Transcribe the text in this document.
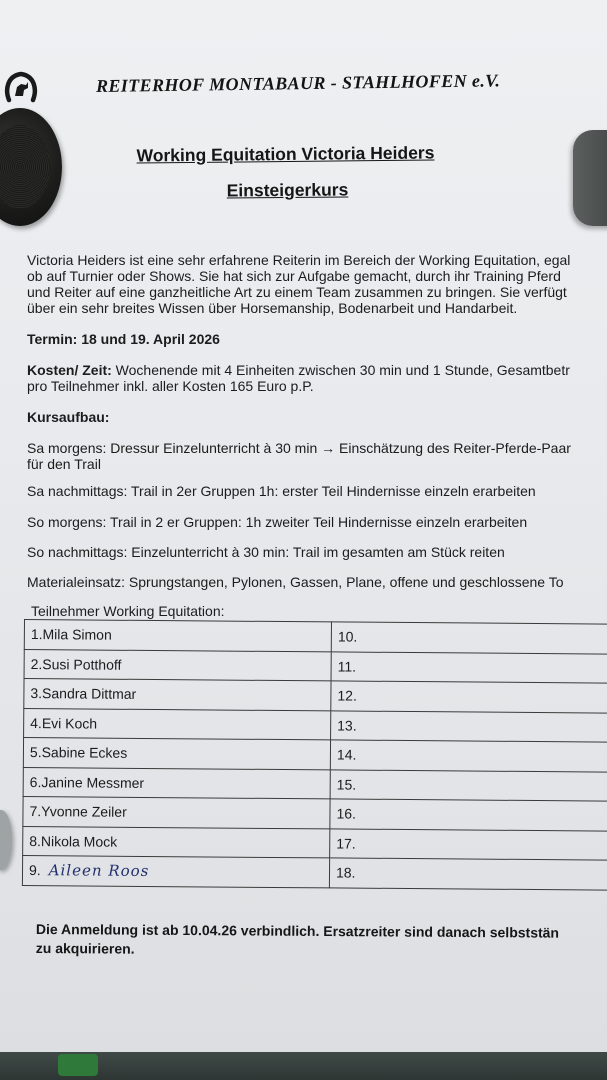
REITERHOF MONTABAUR - STAHLHOFEN e.V.
Working Equitation Victoria Heiders
Einsteigerkurs
Victoria Heiders ist eine sehr erfahrene Reiterin im Bereich der Working Equitation, egal
ob auf Turnier oder Shows. Sie hat sich zur Aufgabe gemacht, durch ihr Training Pferd
und Reiter auf eine ganzheitliche Art zu einem Team zusammen zu bringen. Sie verfügt
über ein sehr breites Wissen über Horsemanship, Bodenarbeit und Handarbeit.
Termin: 18 und 19. April 2026
Kosten/ Zeit: Wochenende mit 4 Einheiten zwischen 30 min und 1 Stunde, Gesamtbetr
pro Teilnehmer inkl. aller Kosten 165 Euro p.P.
Kursaufbau:
Sa morgens: Dressur Einzelunterricht à 30 min → Einschätzung des Reiter-Pferde-Paar
für den Trail
Sa nachmittags: Trail in 2er Gruppen 1h: erster Teil Hindernisse einzeln erarbeiten
So morgens: Trail in 2 er Gruppen: 1h zweiter Teil Hindernisse einzeln erarbeiten
So nachmittags: Einzelunterricht à 30 min: Trail im gesamten am Stück reiten
Materialeinsatz: Sprungstangen, Pylonen, Gassen, Plane, offene und geschlossene To
Teilnehmer Working Equitation:
1.Mila Simon	10.
2.Susi Potthoff	11.
3.Sandra Dittmar	12.
4.Evi Koch	13.
5.Sabine Eckes	14.
6.Janine Messmer	15.
7.Yvonne Zeiler	16.
8.Nikola Mock	17.
9. Aileen Roos	18.
Die Anmeldung ist ab 10.04.26 verbindlich. Ersatzreiter sind danach selbststän
zu akquirieren.
